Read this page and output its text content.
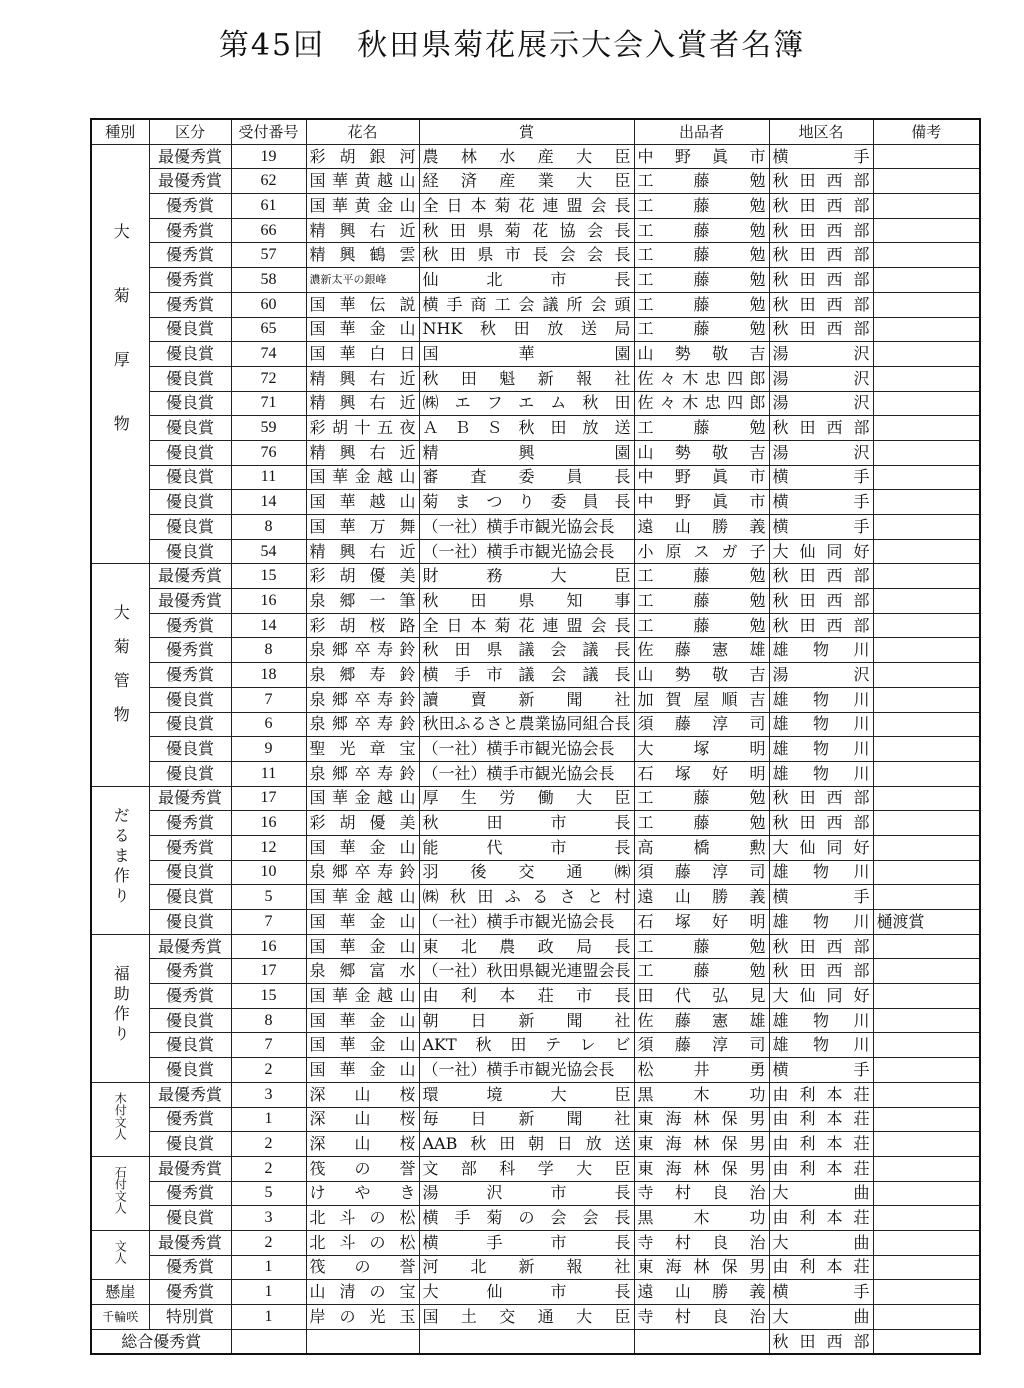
第45回　秋田県菊花展示大会入賞者名簿
種別	区分	受付番号	花名	賞	出品者	地区名	備考
大菊厚物	最優秀賞	19	彩胡銀河	農林水産大臣	中野眞市	横手	
	最優秀賞	62	国華黄越山	経済産業大臣	工藤勉	秋田西部	
	優秀賞	61	国華黄金山	全日本菊花連盟会長	工藤勉	秋田西部	
	優秀賞	66	精興右近	秋田県菊花協会長	工藤勉	秋田西部	
	優秀賞	57	精興鶴雲	秋田県市長会会長	工藤勉	秋田西部	
	優秀賞	58	濃新太平の銀峰	仙北市長	工藤勉	秋田西部	
	優秀賞	60	国華伝説	横手商工会議所会頭	工藤勉	秋田西部	
	優良賞	65	国華金山	NHK秋田放送局	工藤勉	秋田西部	
	優良賞	74	国華白日	国華園	山勢敬吉	湯沢	
	優良賞	72	精興右近	秋田魁新報社	佐々木忠四郎	湯沢	
	優良賞	71	精興右近	㈱エフエム秋田	佐々木忠四郎	湯沢	
	優良賞	59	彩胡十五夜	ＡＢＳ秋田放送	工藤勉	秋田西部	
	優良賞	76	精興右近	精興園	山勢敬吉	湯沢	
	優良賞	11	国華金越山	審査委員長	中野眞市	横手	
	優良賞	14	国華越山	菊まつり委員長	中野眞市	横手	
	優良賞	8	国華万舞	（一社）横手市観光協会長	遠山勝義	横手	
	優良賞	54	精興右近	（一社）横手市観光協会長	小原スガ子	大仙同好	
大菊管物	最優秀賞	15	彩胡優美	財務大臣	工藤勉	秋田西部	
	最優秀賞	16	泉郷一筆	秋田県知事	工藤勉	秋田西部	
	優秀賞	14	彩胡桜路	全日本菊花連盟会長	工藤勉	秋田西部	
	優秀賞	8	泉郷卒寿鈴	秋田県議会議長	佐藤憲雄	雄物川	
	優秀賞	18	泉郷寿鈴	横手市議会議長	山勢敬吉	湯沢	
	優良賞	7	泉郷卒寿鈴	讀賣新聞社	加賀屋順吉	雄物川	
	優良賞	6	泉郷卒寿鈴	秋田ふるさと農業協同組合長	須藤淳司	雄物川	
	優良賞	9	聖光章宝	（一社）横手市観光協会長	大塚明	雄物川	
	優良賞	11	泉郷卒寿鈴	（一社）横手市観光協会長	石塚好明	雄物川	
だるま作り	最優秀賞	17	国華金越山	厚生労働大臣	工藤勉	秋田西部	
	優秀賞	16	彩胡優美	秋田市長	工藤勉	秋田西部	
	優秀賞	12	国華金山	能代市長	高橋勲	大仙同好	
	優良賞	10	泉郷卒寿鈴	羽後交通㈱	須藤淳司	雄物川	
	優良賞	5	国華金越山	㈱秋田ふるさと村	遠山勝義	横手	
	優良賞	7	国華金山	（一社）横手市観光協会長	石塚好明	雄物川	樋渡賞
福助作り	最優秀賞	16	国華金山	東北農政局長	工藤勉	秋田西部	
	優秀賞	17	泉郷富水	（一社）秋田県観光連盟会長	工藤勉	秋田西部	
	優秀賞	15	国華金越山	由利本荘市長	田代弘見	大仙同好	
	優良賞	8	国華金山	朝日新聞社	佐藤憲雄	雄物川	
	優良賞	7	国華金山	AKT秋田テレビ	須藤淳司	雄物川	
	優良賞	2	国華金山	（一社）横手市観光協会長	松井勇	横手	
木付文人	最優秀賞	3	深山桜	環境大臣	黒木功	由利本荘	
	優秀賞	1	深山桜	毎日新聞社	東海林保男	由利本荘	
	優良賞	2	深山桜	AAB秋田朝日放送	東海林保男	由利本荘	
石付文人	最優秀賞	2	筏の誉	文部科学大臣	東海林保男	由利本荘	
	優秀賞	5	けやき	湯沢市長	寺村良治	大曲	
	優良賞	3	北斗の松	横手菊の会会長	黒木功	由利本荘	
文人	最優秀賞	2	北斗の松	横手市長	寺村良治	大曲	
	優秀賞	1	筏の誉	河北新報社	東海林保男	由利本荘	
懸崖	優秀賞	1	山清の宝	大仙市長	遠山勝義	横手	
千輪咲	特別賞	1	岸の光玉	国土交通大臣	寺村良治	大曲	
総合優秀賞						秋田西部	
